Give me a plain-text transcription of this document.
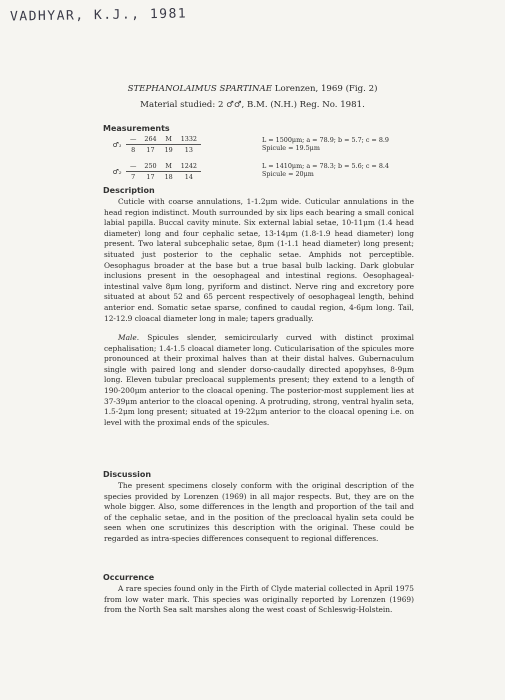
VADHYAR, K.J., 1981
STEPHANOLAIMUS SPARTINAE Lorenzen, 1969 (Fig. 2)
Material studied: 2 ♂♂, B.M. (N.H.) Reg. No. 1981.
Measurements
♂₁	—	264	M	1332
	8	17	19	13

♂₂	—	250	M	1242
	7	17	18	14
L = 1500μm; a = 78.9; b = 5.7; c = 8.9
Spicule = 19.5μm
L = 1410μm; a = 78.3; b = 5.6; c = 8.4
Spicule = 20μm
Description

Cuticle with coarse annulations, 1-1.2μm wide. Cuticular annulations in the head region indistinct. Mouth surrounded by six lips each bearing a small conical labial papilla. Buccal cavity minute. Six external labial setae, 10-11μm (1.4 head diameter) long and four cephalic setae, 13-14μm (1.8-1.9 head diameter) long present. Two lateral subcephalic setae, 8μm (1-1.1 head diameter) long present; situated just posterior to the cephalic setae. Amphids not perceptible. Oesophagus broader at the base but a true basal bulb lacking. Dark globular inclusions present in the oesophageal and intestinal regions. Oesophageal-intestinal valve 8μm long, pyriform and distinct. Nerve ring and excretory pore situated at about 52 and 65 percent respectively of oesophageal length, behind anterior end. Somatic setae sparse, confined to caudal region, 4-6μm long. Tail, 12-12.9 cloacal diameter long in male; tapers gradually.

Male. Spicules slender, semicircularly curved with distinct proximal cephalisation; 1.4-1.5 cloacal diameter long. Cuticularisation of the spicules more pronounced at their proximal halves than at their distal halves. Gubernaculum single with paired long and slender dorso-caudally directed apopyhses, 8-9μm long. Eleven tubular precloacal supplements present; they extend to a length of 190-200μm anterior to the cloacal opening. The posterior-most supplement lies at 37-39μm anterior to the cloacal opening. A protruding, strong, ventral hyalin seta, 1.5-2μm long present; situated at 19-22μm anterior to the cloacal opening i.e. on level with the proximal ends of the spicules.

Discussion

The present specimens closely conform with the original description of the species provided by Lorenzen (1969) in all major respects. But, they are on the whole bigger. Also, some differences in the length and proportion of the tail and of the cephalic setae, and in the position of the precloacal hyalin seta could be seen when one scrutinizes this description with the original. These could be regarded as intra-species differences consequent to regional differences.

Occurrence

A rare species found only in the Firth of Clyde material collected in April 1975 from low water mark. This species was originally reported by Lorenzen (1969) from the North Sea salt marshes along the west coast of Schleswig-Holstein.
